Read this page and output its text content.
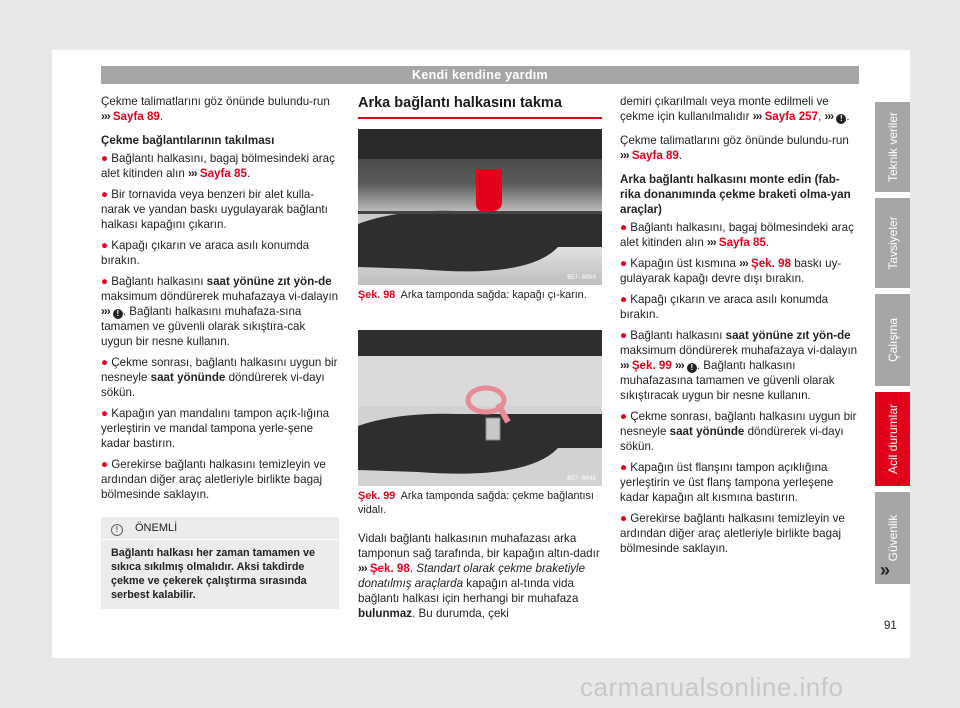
Kendi kendine yardım

Çekme talimatlarını göz önünde bulundu-run ››› Sayfa 89.

Çekme bağlantılarının takılması

● Bağlantı halkasını, bagaj bölmesindeki araç alet kitinden alın ››› Sayfa 85.
● Bir tornavida veya benzeri bir alet kulla-narak ve yandan baskı uygulayarak bağlantı halkası kapağını çıkarın.
● Kapağı çıkarın ve araca asılı konumda bırakın.
● Bağlantı halkasını saat yönüne zıt yön-de maksimum döndürerek muhafazaya vi-dalayın ››› ! . Bağlantı halkasını muhafaza-sına tamamen ve güvenli olarak sıkıştıra-cak uygun bir nesne kullanın.
● Çekme sonrası, bağlantı halkasını uygun bir nesneyle saat yönünde döndürerek vi-dayı sökün.
● Kapağın yan mandalını tampon açık-lığına yerleştirin ve mandal tampona yerle-şene kadar bastırın.
● Gerekirse bağlantı halkasını temizleyin ve ardından diğer araç aletleriyle birlikte bagaj bölmesinde saklayın.
! ÖNEMLİ
Bağlantı halkası her zaman tamamen ve sıkıca sıkılmış olmalıdır. Aksi takdirde çekme ve çekerek çalıştırma sırasında serbest kalabilir.
Arka bağlantı halkasını takma
B57-0050
Şek. 98 Arka tamponda sağda: kapağı çı-karın.
B57-0049
Şek. 99 Arka tamponda sağda: çekme bağlantısı vidalı.
Vidalı bağlantı halkasının muhafazası arka tamponun sağ tarafında, bir kapağın altın-dadır ››› Şek. 98. Standart olarak çekme braketiyle donatılmış araçlarda kapağın al-tında vida bağlantı halkası için herhangi bir muhafaza bulunmaz. Bu durumda, çeki

demiri çıkarılmalı veya monte edilmeli ve çekme için kullanılmalıdır ››› Sayfa 257, ››› ! .

Çekme talimatlarını göz önünde bulundu-run ››› Sayfa 89.

Arka bağlantı halkasını monte edin (fab-rika donanımında çekme braketi olma-yan araçlar)

● Bağlantı halkasını, bagaj bölmesindeki araç alet kitinden alın ››› Sayfa 85.
● Kapağın üst kısmına ››› Şek. 98 baskı uy-gulayarak kapağı devre dışı bırakın.
● Kapağı çıkarın ve araca asılı konumda bırakın.
● Bağlantı halkasını saat yönüne zıt yön-de maksimum döndürerek muhafazaya vi-dalayın ››› Şek. 99 ››› ! . Bağlantı halkasını muhafazasına tamamen ve güvenli olarak sıkıştıracak uygun bir nesne kullanın.
● Çekme sonrası, bağlantı halkasını uygun bir nesneyle saat yönünde döndürerek vi-dayı sökün.
● Kapağın üst flanşını tampon açıklığına yerleştirin ve üst flanş tampona yerleşene kadar kapağın alt kısmına bastırın.
● Gerekirse bağlantı halkasını temizleyin ve ardından diğer araç aletleriyle birlikte bagaj bölmesinde saklayın.
Teknik veriler
Tavsiyeler
Çalışma
Acil durumlar
Güvenlik
»
91
carmanualsonline.info
